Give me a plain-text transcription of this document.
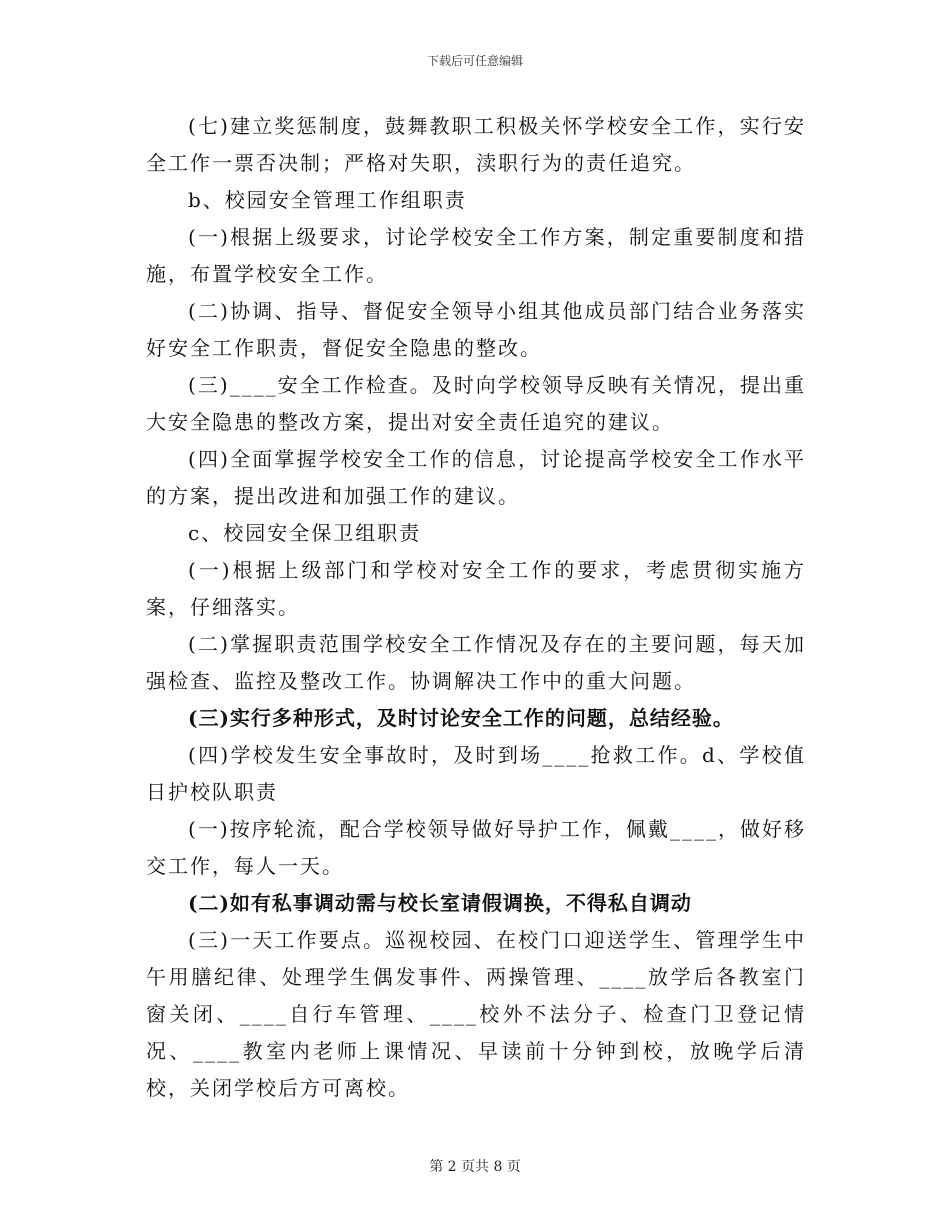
下载后可任意编辑

(七)建立奖惩制度，鼓舞教职工积极关怀学校安全工作，实行安全工作一票否决制；严格对失职，渎职行为的责任追究。

b、校园安全管理工作组职责

(一)根据上级要求，讨论学校安全工作方案，制定重要制度和措施，布置学校安全工作。

(二)协调、指导、督促安全领导小组其他成员部门结合业务落实好安全工作职责，督促安全隐患的整改。

(三)____安全工作检查。及时向学校领导反映有关情况，提出重大安全隐患的整改方案，提出对安全责任追究的建议。

(四)全面掌握学校安全工作的信息，讨论提高学校安全工作水平的方案，提出改进和加强工作的建议。

c、校园安全保卫组职责

(一)根据上级部门和学校对安全工作的要求，考虑贯彻实施方案，仔细落实。

(二)掌握职责范围学校安全工作情况及存在的主要问题，每天加强检查、监控及整改工作。协调解决工作中的重大问题。

(三)实行多种形式，及时讨论安全工作的问题，总结经验。

(四)学校发生安全事故时，及时到场____抢救工作。d、学校值日护校队职责

(一)按序轮流，配合学校领导做好导护工作，佩戴____，做好移交工作，每人一天。

(二)如有私事调动需与校长室请假调换，不得私自调动

(三)一天工作要点。巡视校园、在校门口迎送学生、管理学生中午用膳纪律、处理学生偶发事件、两操管理、____放学后各教室门窗关闭、____自行车管理、____校外不法分子、检查门卫登记情况、____教室内老师上课情况、早读前十分钟到校，放晚学后清校，关闭学校后方可离校。

第 2 页共 8 页
